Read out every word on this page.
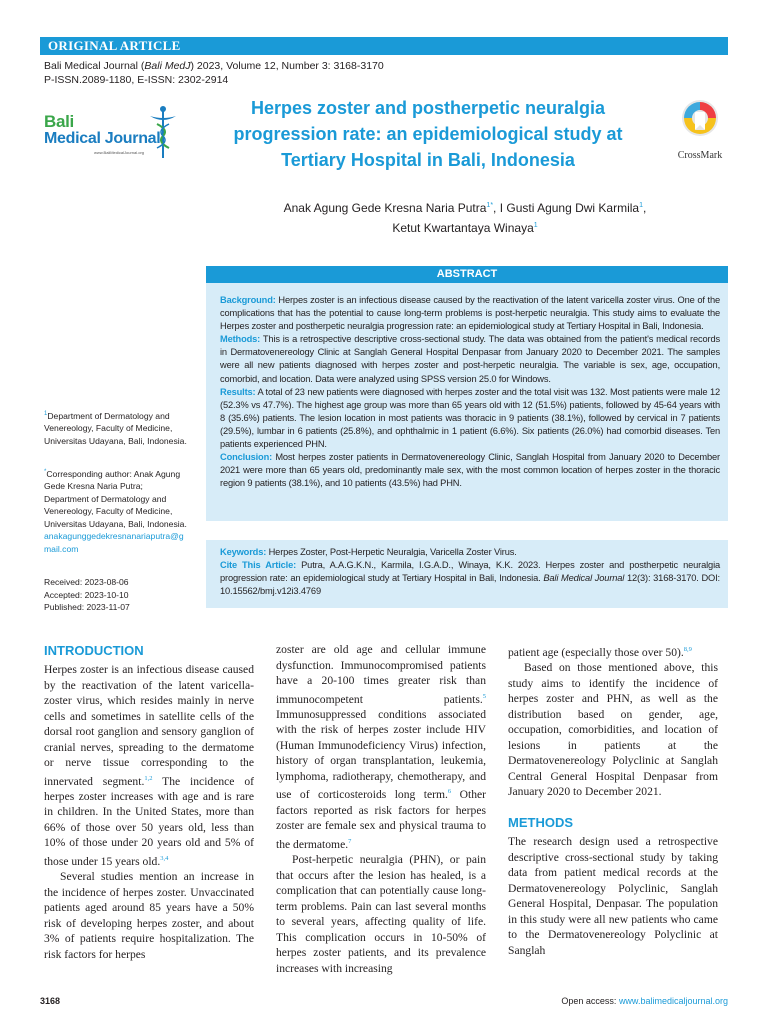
ORIGINAL ARTICLE
Bali Medical Journal (Bali MedJ) 2023, Volume 12, Number 3: 3168-3170
P-ISSN.2089-1180, E-ISSN: 2302-2914
Bali
Medical Journal
www.BaliMedicalJournal.org
Herpes zoster and postherpetic neuralgia progression rate: an epidemiological study at Tertiary Hospital in Bali, Indonesia	CrossMark
Anak Agung Gede Kresna Naria Putra$^{1*}$, I Gusti Agung Dwi Karmila$^1$,
Ketut Kwartantaya Winaya$^1$
$^1$Department of Dermatology and Venereology, Faculty of Medicine, Universitas Udayana, Bali, Indonesia.
*Corresponding author: Anak Agung Gede Kresna Naria Putra; Department of Dermatology and Venereology, Faculty of Medicine, Universitas Udayana, Bali, Indonesia.
anakagunggedekresnanariaputra@gmail.com
Received: 2023-08-06
Accepted: 2023-10-10
Published: 2023-11-07
ABSTRACT
Background: Herpes zoster is an infectious disease caused by the reactivation of the latent varicella zoster virus. One of the complications that has the potential to cause long-term problems is post-herpetic neuralgia. This study aims to evaluate the Herpes zoster and postherpetic neuralgia progression rate: an epidemiological study at Tertiary Hospital in Bali, Indonesia.
Methods: This is a retrospective descriptive cross-sectional study. The data was obtained from the patient's medical records in Dermatovenereology Clinic at Sanglah General Hospital Denpasar from January 2020 to December 2021. The samples were all new patients diagnosed with herpes zoster and post-herpetic neuralgia. The variable is sex, age, occupation, comorbid, and location. Data were analyzed using SPSS version 25.0 for Windows.
Results: A total of 23 new patients were diagnosed with herpes zoster and the total visit was 132. Most patients were male 12 (52.3% vs 47.7%). The highest age group was more than 65 years old with 12 (51.5%) patients, followed by 45-64 years with 8 (35.6%) patients. The lesion location in most patients was thoracic in 9 patients (38.1%), followed by cervical in 7 patients (29.5%), lumbar in 6 patients (25.8%), and ophthalmic in 1 patient (6.6%). Six patients (26.0%) had comorbid diseases. Ten patients experienced PHN.
Conclusion: Most herpes zoster patients in Dermatovenereology Clinic, Sanglah Hospital from January 2020 to December 2021 were more than 65 years old, predominantly male sex, with the most common location of herpes zoster in the thoracic region 9 patients (38.1%), and 10 patients (43.5%) had PHN.
Keywords: Herpes Zoster, Post-Herpetic Neuralgia, Varicella Zoster Virus.
Cite This Article: Putra, A.A.G.K.N., Karmila, I.G.A.D., Winaya, K.K. 2023. Herpes zoster and postherpetic neuralgia progression rate: an epidemiological study at Tertiary Hospital in Bali, Indonesia. Bali Medical Journal 12(3): 3168-3170. DOI: 10.15562/bmj.v12i3.4769
INTRODUCTION

Herpes zoster is an infectious disease caused by the reactivation of the latent varicella-zoster virus, which resides mainly in nerve cells and sometimes in satellite cells of the dorsal root ganglion and sensory ganglion of cranial nerves, spreading to the dermatome or nerve tissue corresponding to the innervated segment.$^{1,2}$ The incidence of herpes zoster increases with age and is rare in children. In the United States, more than 66% of those over 50 years old, less than 10% of those under 20 years old and 5% of those under 15 years old.$^{3,4}$

Several studies mention an increase in the incidence of herpes zoster. Unvaccinated patients aged around 85 years have a 50% risk of developing herpes zoster, and about 3% of patients require hospitalization. The risk factors for herpes

zoster are old age and cellular immune dysfunction. Immunocompromised patients have a 20-100 times greater risk than immunocompetent patients.$^5$ Immunosuppressed conditions associated with the risk of herpes zoster include HIV (Human Immunodeficiency Virus) infection, history of organ transplantation, leukemia, lymphoma, radiotherapy, chemotherapy, and use of corticosteroids long term.$^6$ Other factors reported as risk factors for herpes zoster are female sex and physical trauma to the dermatome.$^7$

Post-herpetic neuralgia (PHN), or pain that occurs after the lesion has healed, is a complication that can potentially cause long-term problems. Pain can last several months to several years, affecting quality of life. This complication occurs in 10-50% of herpes zoster patients, and its prevalence increases with increasing

patient age (especially those over 50).$^{8,9}$

Based on those mentioned above, this study aims to identify the incidence of herpes zoster and PHN, as well as the distribution based on gender, age, occupation, comorbidities, and location of lesions in patients at the Dermatovenereology Polyclinic at Sanglah Central General Hospital Denpasar from January 2020 to December 2021.

METHODS

The research design used a retrospective descriptive cross-sectional study by taking data from patient medical records at the Dermatovenereology Polyclinic, Sanglah General Hospital, Denpasar. The population in this study were all new patients who came to the Dermatovenereology Polyclinic at Sanglah

3168	Open access: www.balimedicaljournal.org
